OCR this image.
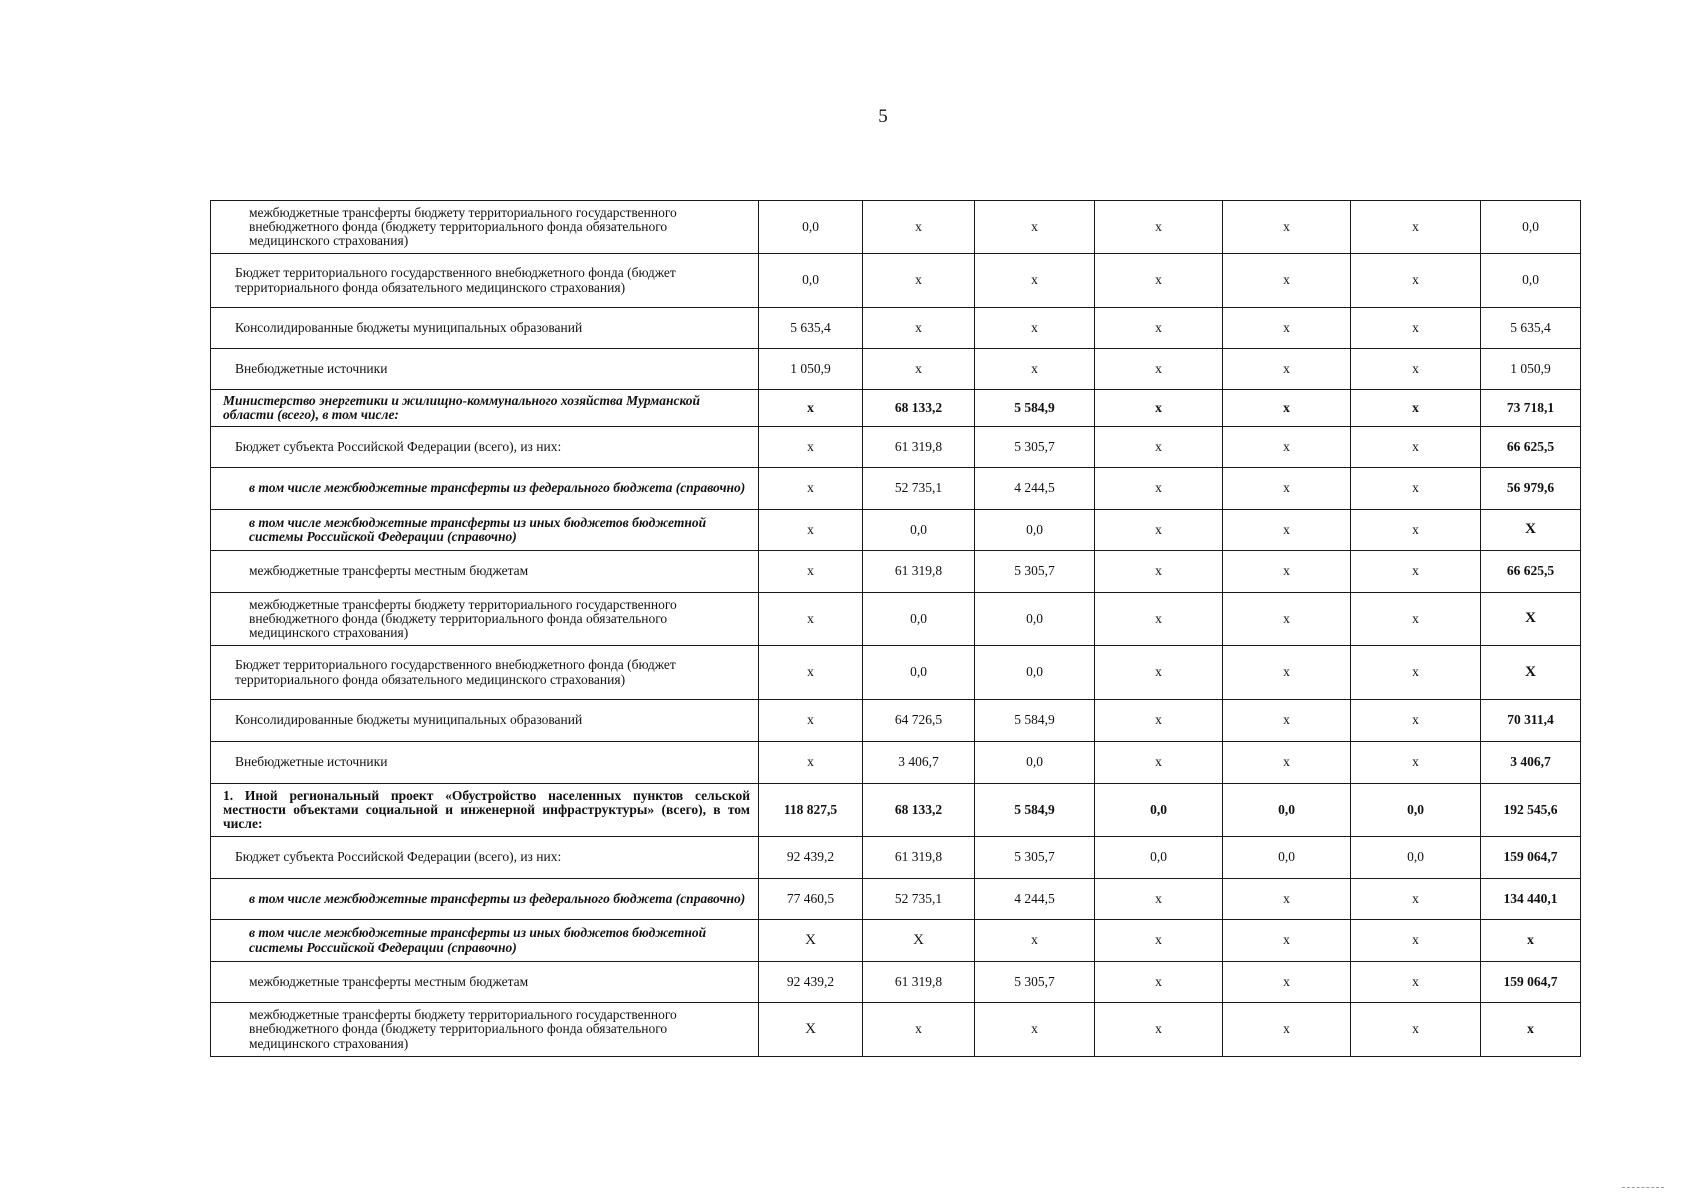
5
межбюджетные трансферты бюджету территориального государственного внебюджетного фонда (бюджету территориального фонда обязательного медицинского страхования)	0,0	х	х	х	х	х	0,0
Бюджет территориального государственного внебюджетного фонда (бюджет территориального фонда обязательного медицинского страхования)	0,0	х	х	х	х	х	0,0
Консолидированные бюджеты муниципальных образований	5 635,4	х	х	х	х	х	5 635,4
Внебюджетные источники	1 050,9	х	х	х	х	х	1 050,9
Министерство энергетики и жилищно-коммунального хозяйства Мурманской области (всего), в том числе:	х	68 133,2	5 584,9	х	х	х	73 718,1
Бюджет субъекта Российской Федерации (всего), из них:	х	61 319,8	5 305,7	х	х	х	66 625,5
в том числе межбюджетные трансферты из федерального бюджета (справочно)	х	52 735,1	4 244,5	х	х	х	56 979,6
в том числе межбюджетные трансферты из иных бюджетов бюджетной системы Российской Федерации (справочно)	х	0,0	0,0	х	х	х	Х
межбюджетные трансферты местным бюджетам	х	61 319,8	5 305,7	х	х	х	66 625,5
межбюджетные трансферты бюджету территориального государственного внебюджетного фонда (бюджету территориального фонда обязательного медицинского страхования)	х	0,0	0,0	х	х	х	Х
Бюджет территориального государственного внебюджетного фонда (бюджет территориального фонда обязательного медицинского страхования)	х	0,0	0,0	х	х	х	Х
Консолидированные бюджеты муниципальных образований	х	64 726,5	5 584,9	х	х	х	70 311,4
Внебюджетные источники	х	3 406,7	0,0	х	х	х	3 406,7
1. Иной региональный проект «Обустройство населенных пунктов сельской местности объектами социальной и инженерной инфраструктуры» (всего), в том числе:	118 827,5	68 133,2	5 584,9	0,0	0,0	0,0	192 545,6
Бюджет субъекта Российской Федерации (всего), из них:	92 439,2	61 319,8	5 305,7	0,0	0,0	0,0	159 064,7
в том числе межбюджетные трансферты из федерального бюджета (справочно)	77 460,5	52 735,1	4 244,5	х	х	х	134 440,1
в том числе межбюджетные трансферты из иных бюджетов бюджетной системы Российской Федерации (справочно)	Х	Х	х	х	х	х	х
межбюджетные трансферты местным бюджетам	92 439,2	61 319,8	5 305,7	х	х	х	159 064,7
межбюджетные трансферты бюджету территориального государственного внебюджетного фонда (бюджету территориального фонда обязательного медицинского страхования)	Х	х	х	х	х	х	х
